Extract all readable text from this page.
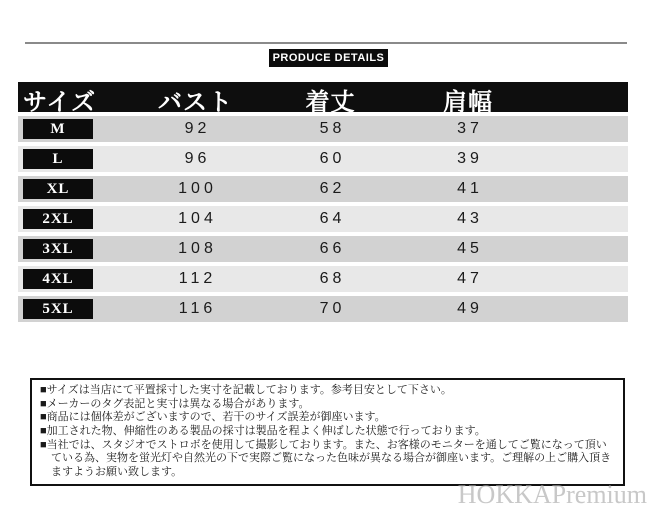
PRODUCE DETAILS
サイズ	バスト	着丈	肩幅
M	92	58	37
L	96	60	39
XL	100	62	41
2XL	104	64	43
3XL	108	66	45
4XL	112	68	47
5XL	116	70	49
■サイズは当店にて平置採寸した実寸を記載しております。参考目安として下さい。
■メーカーのタグ表記と実寸は異なる場合があります。
■商品には個体差がございますので、若干のサイズ誤差が御座います。
■加工された物、伸縮性のある製品の採寸は製品を程よく伸ばした状態で行っております。
■当社では、スタジオでストロボを使用して撮影しております。また、お客様のモニターを通してご覧になって頂いている為、実物を蛍光灯や自然光の下で実際ご覧になった色味が異なる場合が御座います。ご理解の上ご購入頂きますようお願い致します。
HOKKAPremium
